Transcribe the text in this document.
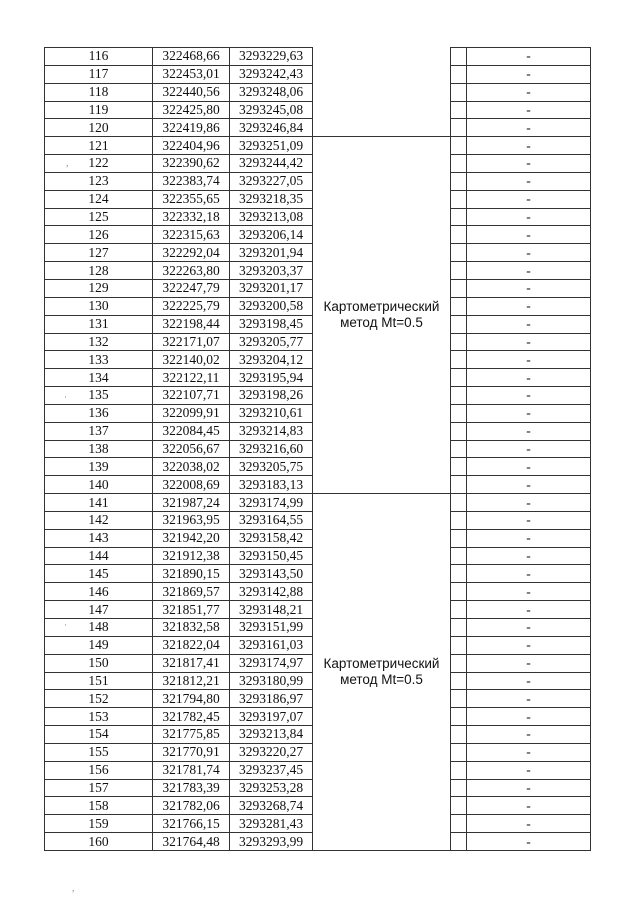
116	322468,66	3293229,63			-
117	322453,01	3293242,43			-
118	322440,56	3293248,06			-
119	322425,80	3293245,08			-
120	322419,86	3293246,84			-
121	322404,96	3293251,09	Картометрический
метод Mt=0.5		-
122	322390,62	3293244,42			-
123	322383,74	3293227,05			-
124	322355,65	3293218,35			-
125	322332,18	3293213,08			-
126	322315,63	3293206,14			-
127	322292,04	3293201,94			-
128	322263,80	3293203,37			-
129	322247,79	3293201,17			-
130	322225,79	3293200,58			-
131	322198,44	3293198,45			-
132	322171,07	3293205,77			-
133	322140,02	3293204,12			-
134	322122,11	3293195,94			-
135	322107,71	3293198,26			-
136	322099,91	3293210,61			-
137	322084,45	3293214,83			-
138	322056,67	3293216,60			-
139	322038,02	3293205,75			-
140	322008,69	3293183,13			-
141	321987,24	3293174,99	Картометрический
метод Mt=0.5		-
142	321963,95	3293164,55			-
143	321942,20	3293158,42			-
144	321912,38	3293150,45			-
145	321890,15	3293143,50			-
146	321869,57	3293142,88			-
147	321851,77	3293148,21			-
148	321832,58	3293151,99			-
149	321822,04	3293161,03			-
150	321817,41	3293174,97			-
151	321812,21	3293180,99			-
152	321794,80	3293186,97			-
153	321782,45	3293197,07			-
154	321775,85	3293213,84			-
155	321770,91	3293220,27			-
156	321781,74	3293237,45			-
157	321783,39	3293253,28			-
158	321782,06	3293268,74			-
159	321766,15	3293281,43			-
160	321764,48	3293293,99			-
,
·
·
,
